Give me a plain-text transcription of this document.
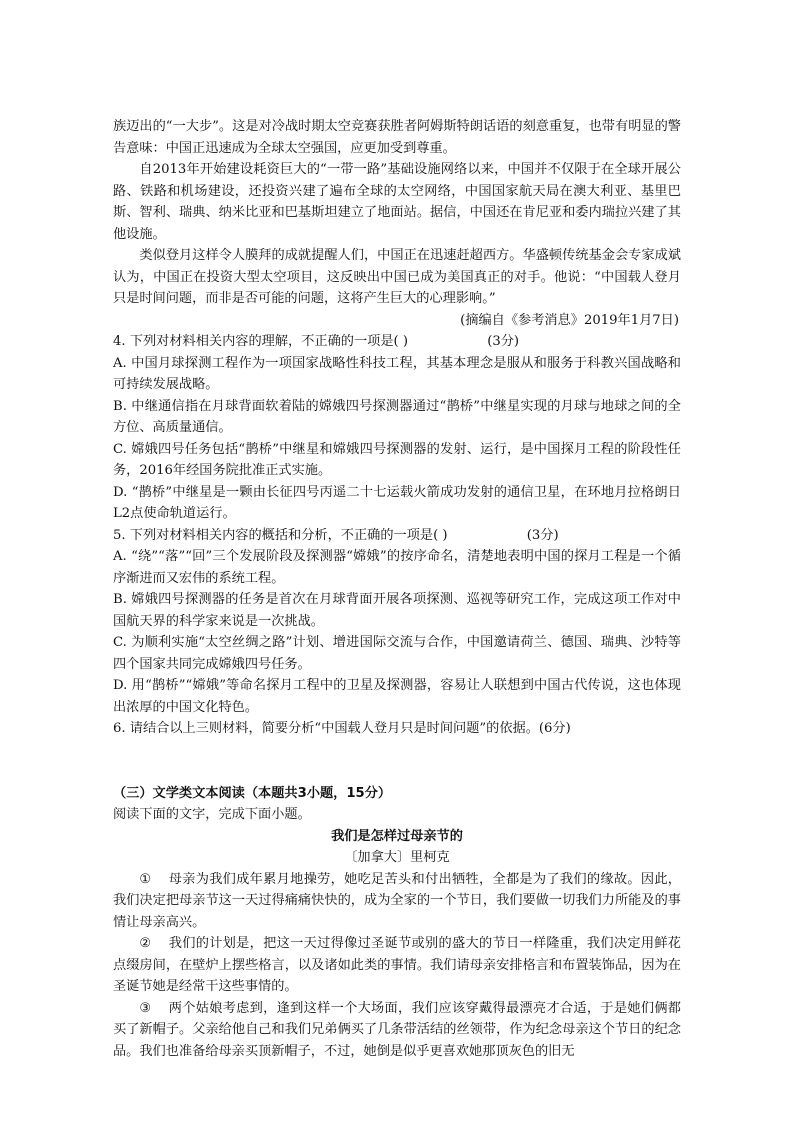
族迈出的“一大步”。这是对冷战时期太空竞赛获胜者阿姆斯特朗话语的刻意重复，也带有明显的警告意味：中国正迅速成为全球太空强国，应更加受到尊重。

自2013年开始建设耗资巨大的“一带一路”基础设施网络以来，中国并不仅限于在全球开展公路、铁路和机场建设，还投资兴建了遍布全球的太空网络，中国国家航天局在澳大利亚、基里巴斯、智利、瑞典、纳米比亚和巴基斯坦建立了地面站。据信，中国还在肯尼亚和委内瑞拉兴建了其他设施。

类似登月这样令人膜拜的成就提醒人们，中国正在迅速赶超西方。华盛顿传统基金会专家成斌认为，中国正在投资大型太空项目，这反映出中国已成为美国真正的对手。他说：“中国载人登月只是时间问题，而非是否可能的问题，这将产生巨大的心理影响。”

(摘编自《参考消息》2019年1月7日)

4. 下列对材料相关内容的理解，不正确的一项是( )	(3分)

A. 中国月球探测工程作为一项国家战略性科技工程，其基本理念是服从和服务于科教兴国战略和可持续发展战略。

B. 中继通信指在月球背面软着陆的嫦娥四号探测器通过“鹊桥”中继星实现的月球与地球之间的全方位、高质量通信。

C. 嫦娥四号任务包括“鹊桥”中继星和嫦娥四号探测器的发射、运行，是中国探月工程的阶段性任务，2016年经国务院批准正式实施。

D. “鹊桥”中继星是一颗由长征四号丙遥二十七运载火箭成功发射的通信卫星，在环地月拉格朗日L2点使命轨道运行。

5. 下列对材料相关内容的概括和分析，不正确的一项是( )	(3分)

A. “绕”“落”“回”三个发展阶段及探测器“嫦娥”的按序命名，清楚地表明中国的探月工程是一个循序渐进而又宏伟的系统工程。

B. 嫦娥四号探测器的任务是首次在月球背面开展各项探测、巡视等研究工作，完成这项工作对中国航天界的科学家来说是一次挑战。

C. 为顺利实施“太空丝绸之路”计划、增进国际交流与合作，中国邀请荷兰、德国、瑞典、沙特等四个国家共同完成嫦娥四号任务。

D. 用“鹊桥”“嫦娥”等命名探月工程中的卫星及探测器，容易让人联想到中国古代传说，这也体现出浓厚的中国文化特色。

6. 请结合以上三则材料，简要分析“中国载人登月只是时间问题”的依据。(6分)

（三）文学类文本阅读（本题共3小题，15分）

阅读下面的文字，完成下面小题。

我们是怎样过母亲节的

〔加拿大〕里柯克

① 母亲为我们成年累月地操劳，她吃足苦头和付出牺牲，全都是为了我们的缘故。因此，我们决定把母亲节这一天过得痛痛快快的，成为全家的一个节日，我们要做一切我们力所能及的事情让母亲高兴。

② 我们的计划是，把这一天过得像过圣诞节或别的盛大的节日一样隆重，我们决定用鲜花点缀房间，在壁炉上摆些格言，以及诸如此类的事情。我们请母亲安排格言和布置装饰品，因为在圣诞节她是经常干这些事情的。

③ 两个姑娘考虑到，逢到这样一个大场面，我们应该穿戴得最漂亮才合适，于是她们俩都买了新帽子。父亲给他自己和我们兄弟俩买了几条带活结的丝领带，作为纪念母亲这个节日的纪念品。我们也准备给母亲买顶新帽子，不过，她倒是似乎更喜欢她那顶灰色的旧无
